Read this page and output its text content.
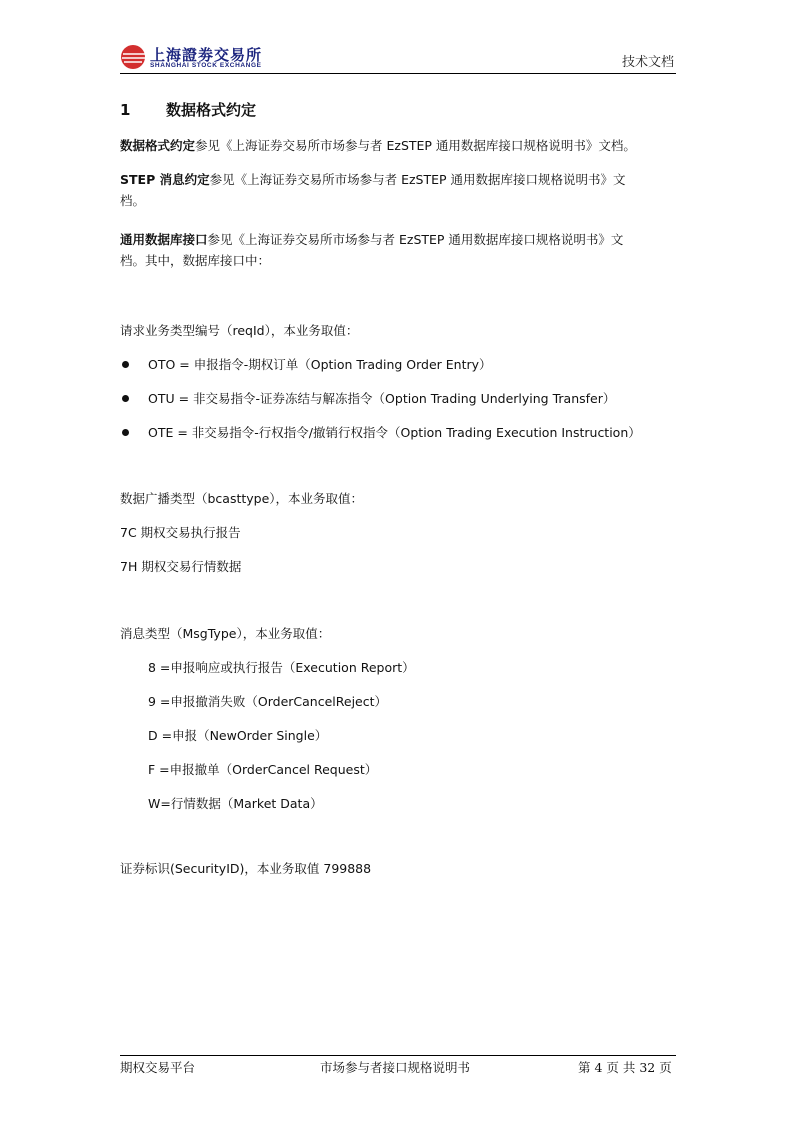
上海證劵交易所
SHANGHAI STOCK EXCHANGE	技术文档
1 数据格式约定
数据格式约定参见《上海证券交易所市场参与者 EzSTEP 通用数据库接口规格说明书》文档。
STEP 消息约定参见《上海证券交易所市场参与者 EzSTEP 通用数据库接口规格说明书》文
档。
通用数据库接口参见《上海证券交易所市场参与者 EzSTEP 通用数据库接口规格说明书》文
档。其中，数据库接口中：
请求业务类型编号（reqId），本业务取值：
OTO = 申报指令-期权订单（Option Trading Order Entry）
OTU = 非交易指令-证券冻结与解冻指令（Option Trading Underlying Transfer）
OTE = 非交易指令-行权指令/撤销行权指令（Option Trading Execution Instruction）
数据广播类型（bcasttype），本业务取值：
7C 期权交易执行报告
7H 期权交易行情数据
消息类型（MsgType），本业务取值：
8 =申报响应或执行报告（Execution Report）
9 =申报撤消失败（OrderCancelReject）
D =申报（NewOrder Single）
F =申报撤单（OrderCancel Request）
W=行情数据（Market Data）
证券标识(SecurityID)，本业务取值 799888
期权交易平台	市场参与者接口规格说明书	第 4 页 共 32 页
